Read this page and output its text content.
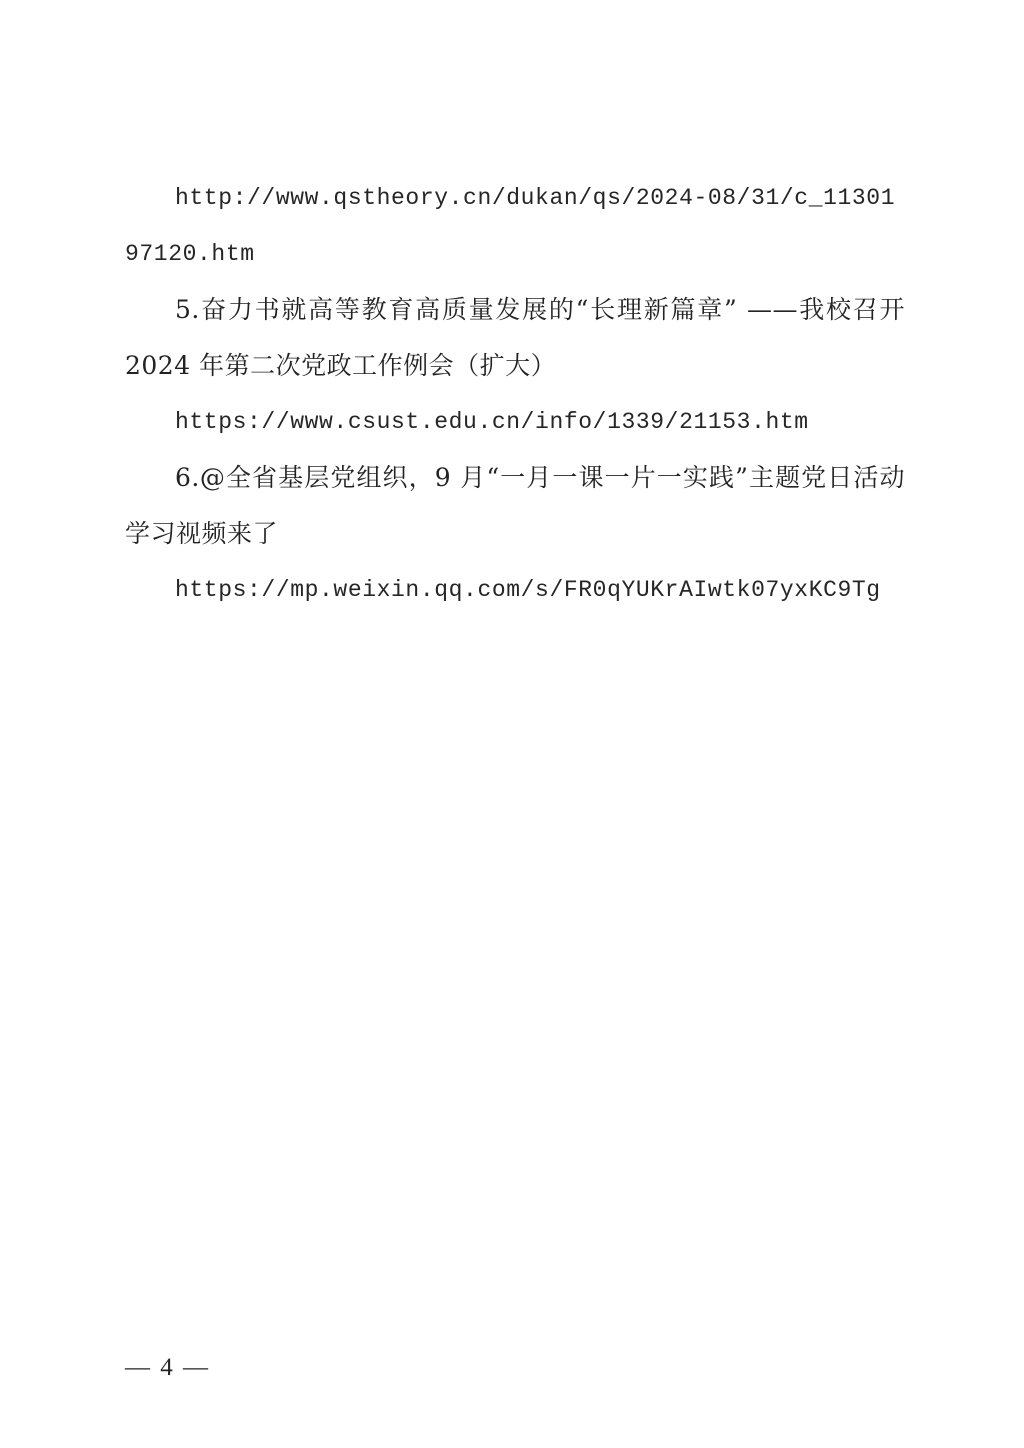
http://www.qstheory.cn/dukan/qs/2024-08/31/c_1130197120.htm

5.奋力书就高等教育高质量发展的“长理新篇章” ——我校召开 2024 年第二次党政工作例会（扩大）

https://www.csust.edu.cn/info/1339/21153.htm

6.@全省基层党组织，9 月“一月一课一片一实践”主题党日活动学习视频来了

https://mp.weixin.qq.com/s/FR0qYUKrAIwtk07yxKC9Tg

— 4 —
